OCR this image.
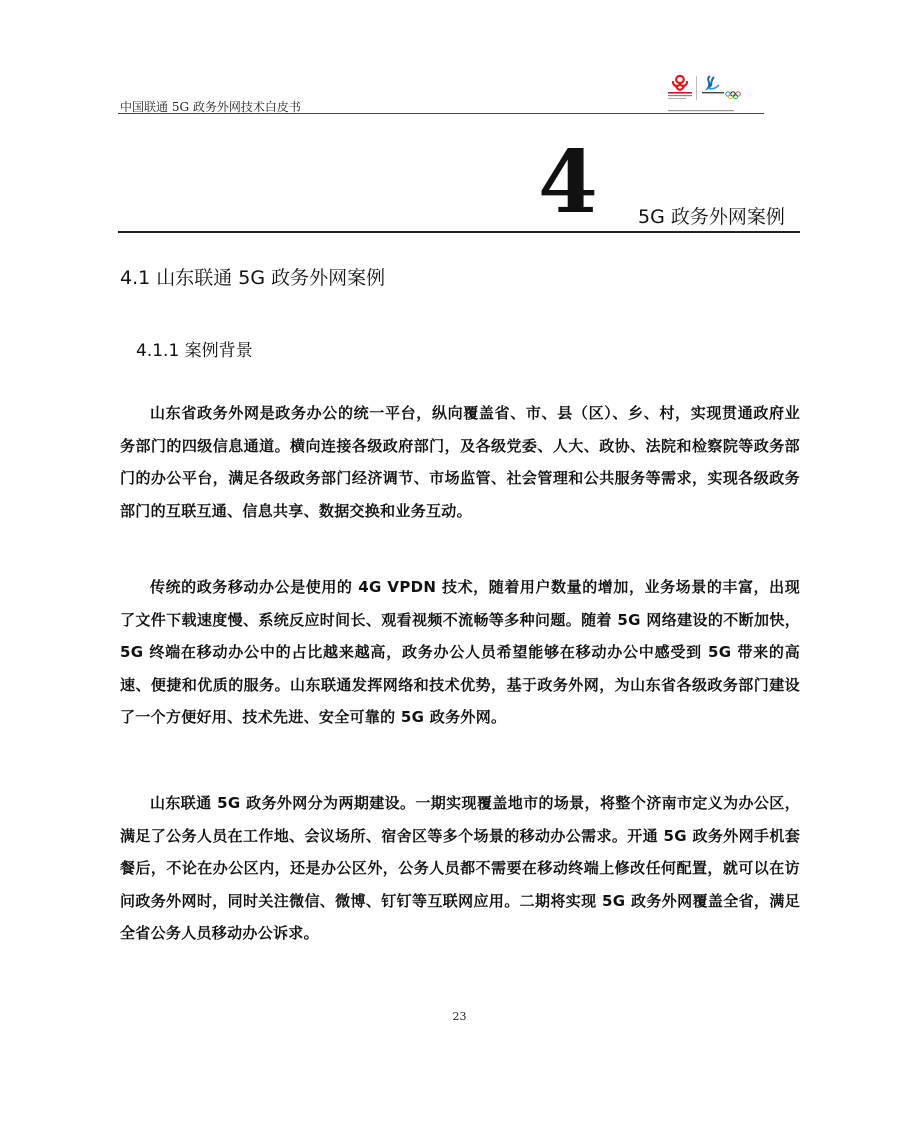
中国联通 5G 政务外网技术白皮书
4 5G 政务外网案例
4.1 山东联通 5G 政务外网案例
4.1.1 案例背景

山东省政务外网是政务办公的统一平台，纵向覆盖省、市、县（区）、乡、村，实现贯通政府业务部门的四级信息通道。横向连接各级政府部门，及各级党委、人大、政协、法院和检察院等政务部门的办公平台，满足各级政务部门经济调节、市场监管、社会管理和公共服务等需求，实现各级政务部门的互联互通、信息共享、数据交换和业务互动。

传统的政务移动办公是使用的 4G VPDN 技术，随着用户数量的增加，业务场景的丰富，出现了文件下载速度慢、系统反应时间长、观看视频不流畅等多种问题。随着 5G 网络建设的不断加快，5G 终端在移动办公中的占比越来越高，政务办公人员希望能够在移动办公中感受到 5G 带来的高速、便捷和优质的服务。山东联通发挥网络和技术优势，基于政务外网，为山东省各级政务部门建设了一个方便好用、技术先进、安全可靠的 5G 政务外网。

山东联通 5G 政务外网分为两期建设。一期实现覆盖地市的场景，将整个济南市定义为办公区，满足了公务人员在工作地、会议场所、宿舍区等多个场景的移动办公需求。开通 5G 政务外网手机套餐后，不论在办公区内，还是办公区外，公务人员都不需要在移动终端上修改任何配置，就可以在访问政务外网时，同时关注微信、微博、钉钉等互联网应用。二期将实现 5G 政务外网覆盖全省，满足全省公务人员移动办公诉求。

23
